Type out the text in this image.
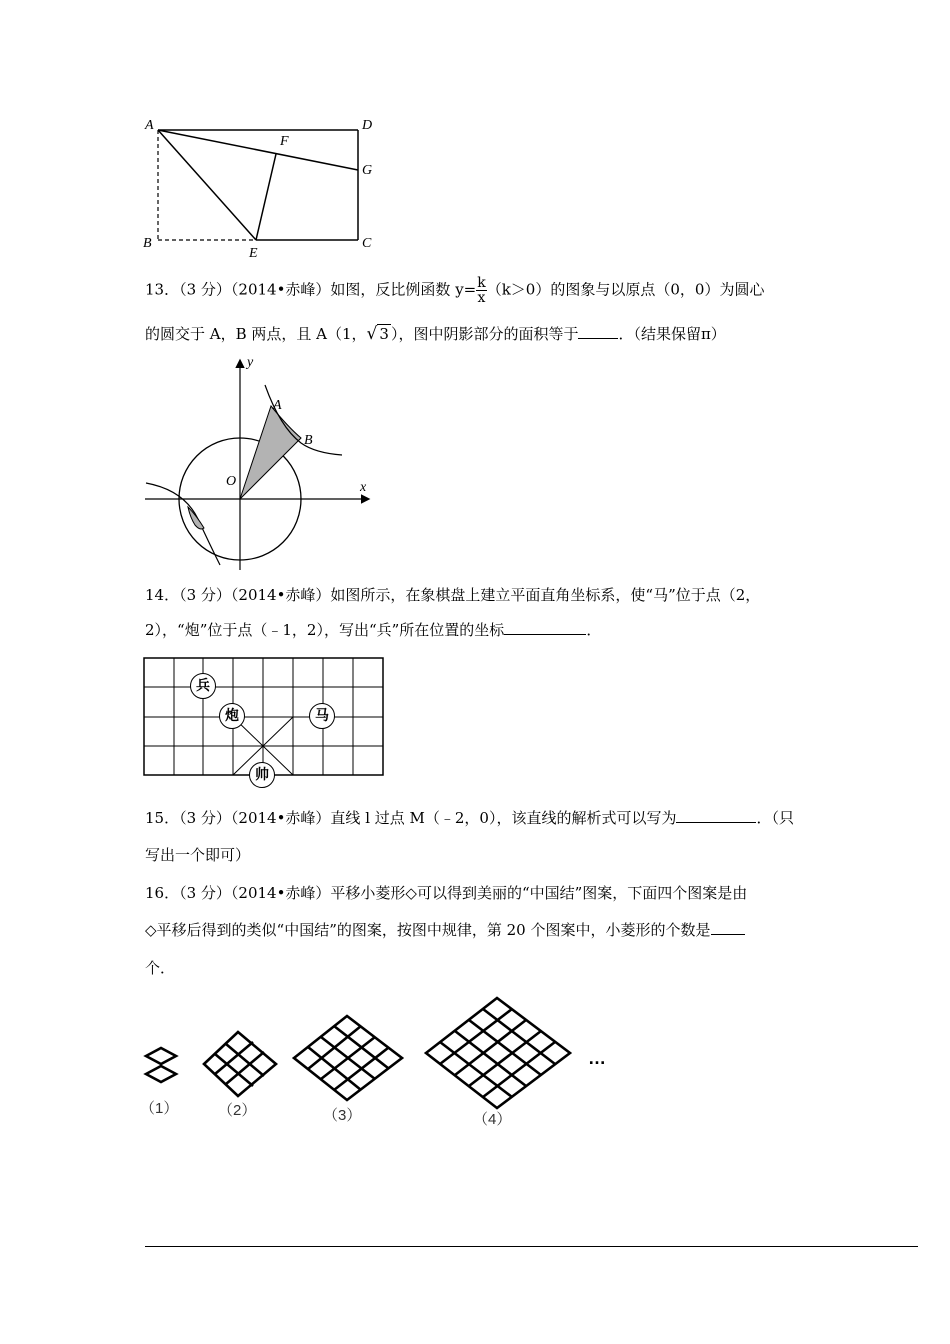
A	D
F
G
B
E
C
13．（3 分）（2014•赤峰）如图，反比例函数 $y= \frac{k}{x} (k>0)$的图象与以原点（0，0）为圆心
的圆交于 A，B 两点，且 A（1，√ 3 ），图中阴影部分的面积等于	．（结果保留π）
y
x
O
A
B
14．（3 分）（2014•赤峰）如图所示，在象棋盘上建立平面直角坐标系，使“马”位于点（2，
2），“炮”位于点（﹣1，2），写出“兵”所在位置的坐标	．
兵
炮	马
帅
15．（3 分）（2014•赤峰）直线 l 过点 M（﹣2，0），该直线的解析式可以写为	．（只
写出一个即可）
16．（3 分）（2014•赤峰）平移小菱形◇可以得到美丽的“中国结”图案，下面四个图案是由
◇平移后得到的类似“中国结”的图案，按图中规律，第 20 个图案中，小菱形的个数是
个．
（1）	（2）	（3）	（4）
…
